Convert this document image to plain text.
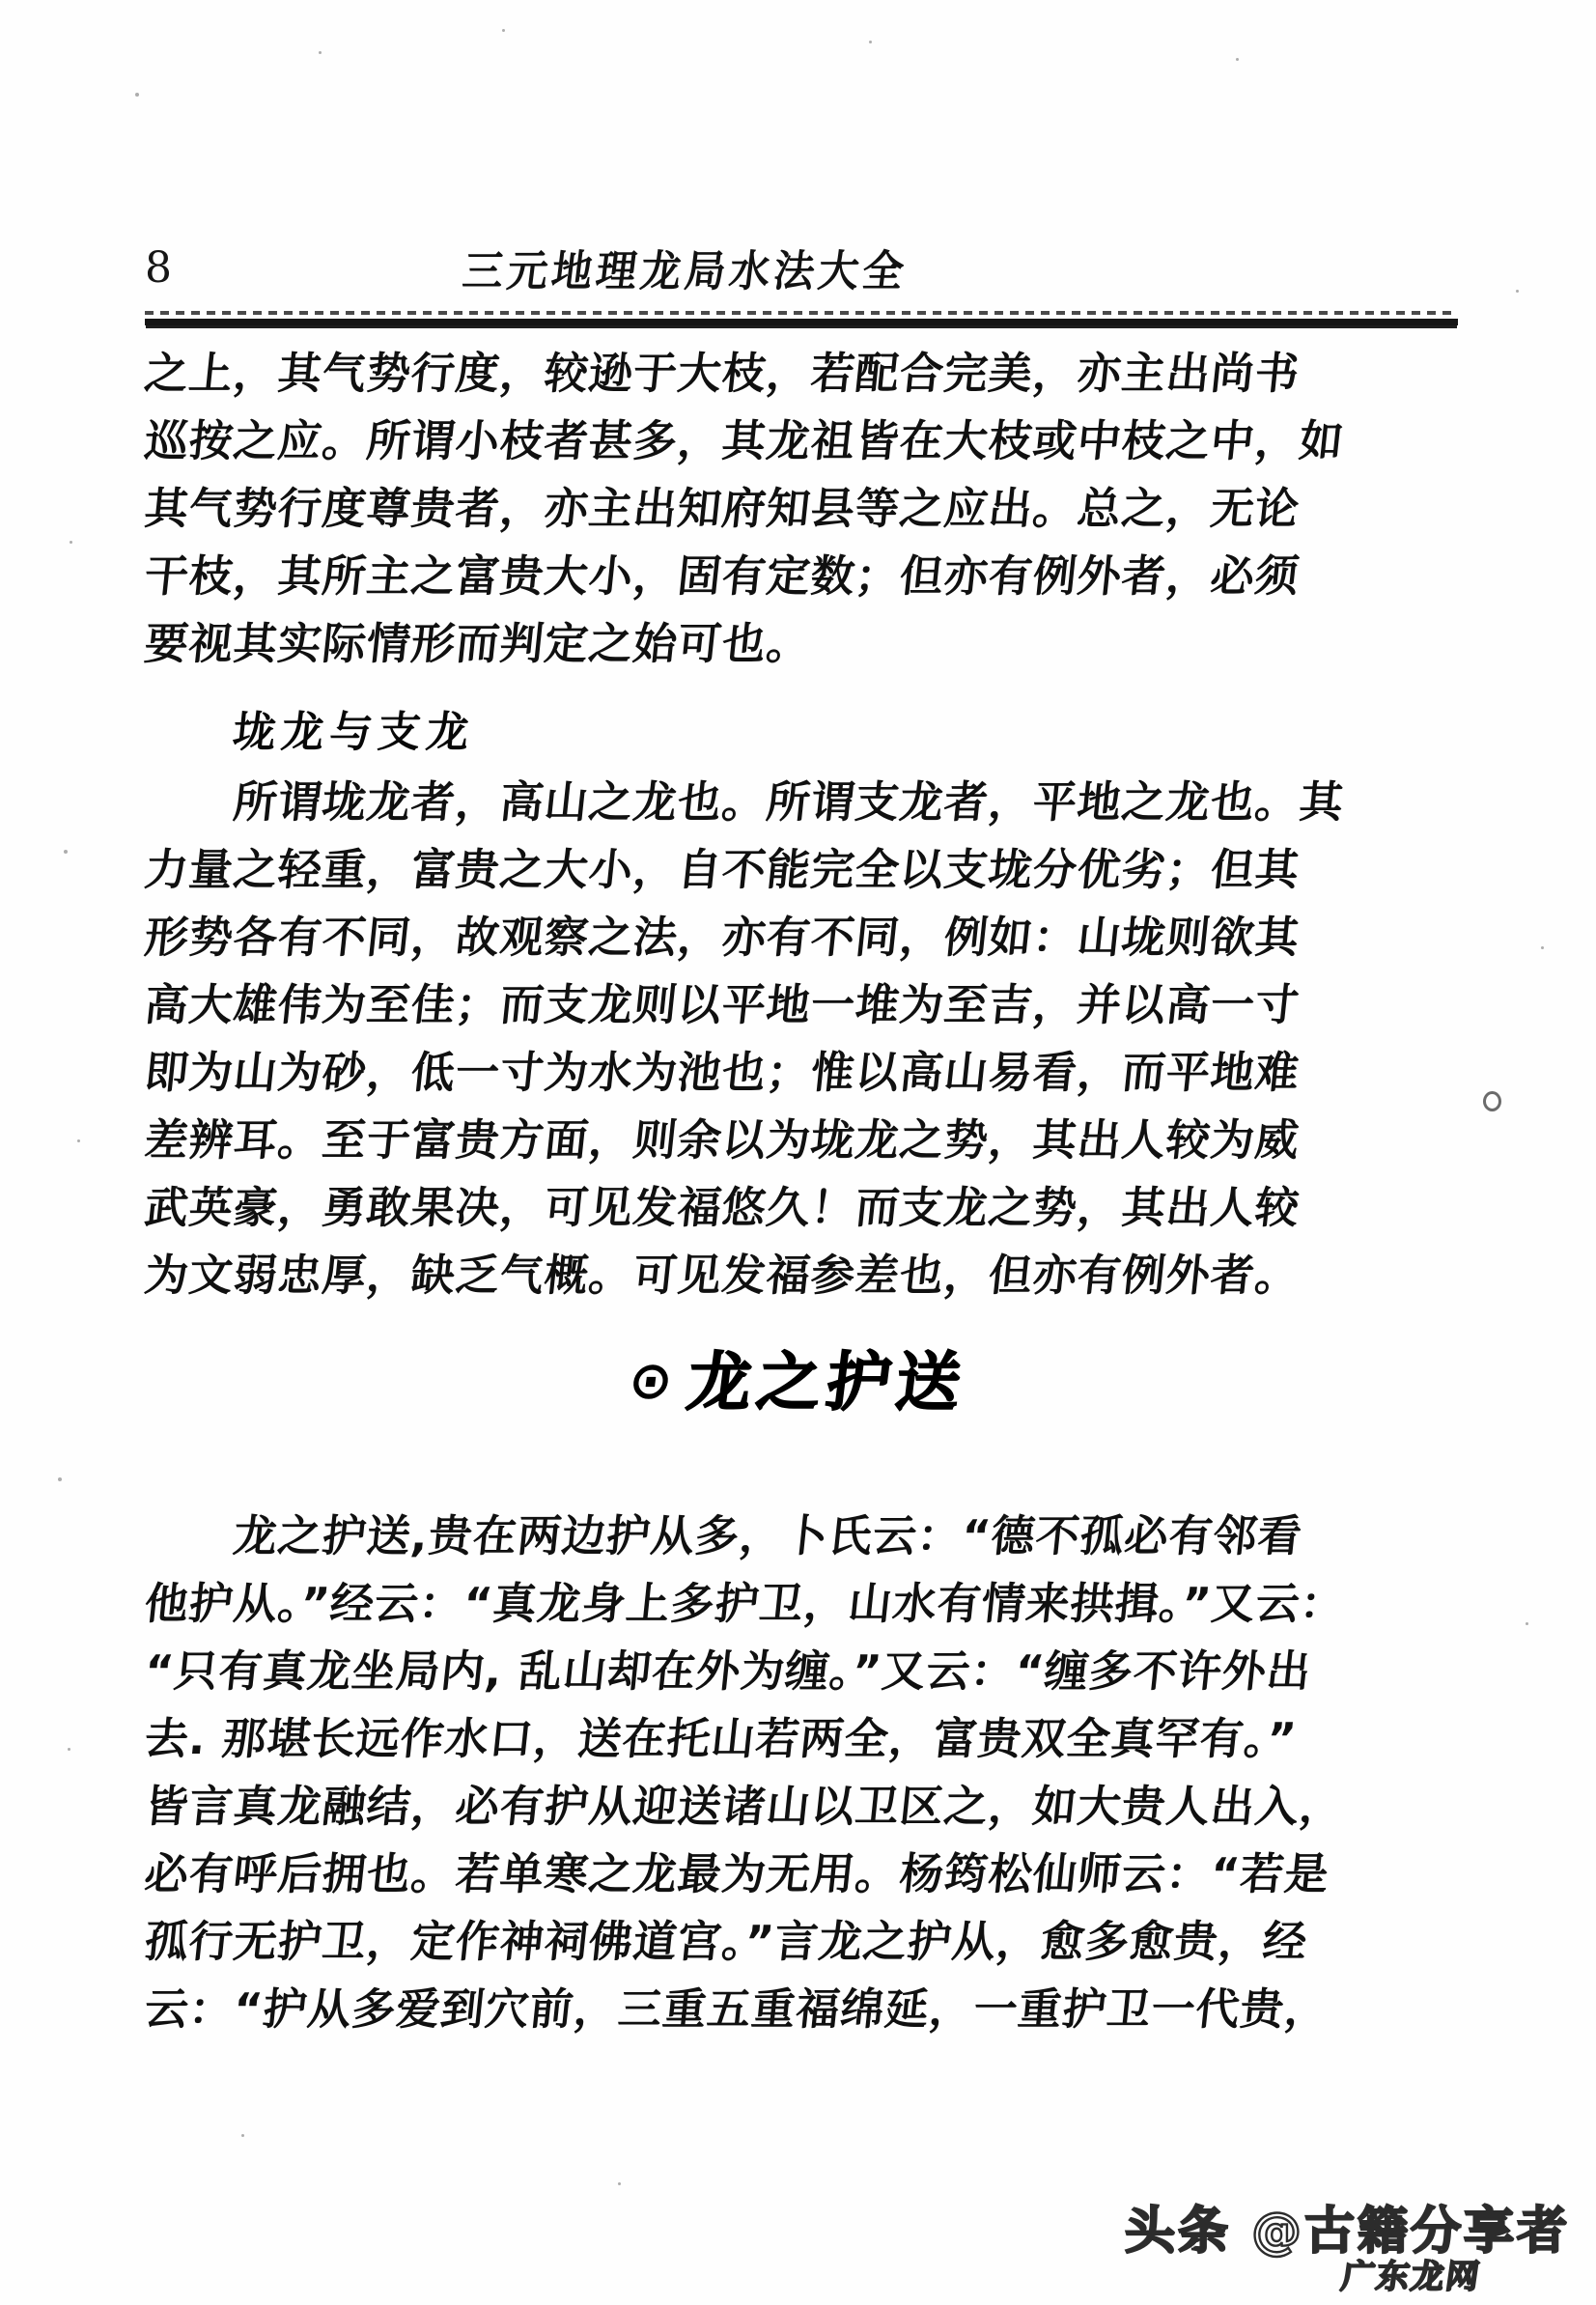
8	三元地理龙局水法大全
之上，其气势行度，较逊于大枝，若配合完美，亦主出尚书
巡按之应。所谓小枝者甚多，其龙祖皆在大枝或中枝之中，如
其气势行度尊贵者，亦主出知府知县等之应出。总之，无论
干枝，其所主之富贵大小，固有定数；但亦有例外者，必须
要视其实际情形而判定之始可也。
垅龙与支龙
所谓垅龙者，高山之龙也。所谓支龙者，平地之龙也。其
力量之轻重，富贵之大小，自不能完全以支垅分优劣；但其
形势各有不同，故观察之法，亦有不同，例如：山垅则欲其
高大雄伟为至佳；而支龙则以平地一堆为至吉，并以高一寸
即为山为砂，低一寸为水为池也；惟以高山易看，而平地难
差辨耳。至于富贵方面，则余以为垅龙之势，其出人较为威
武英豪，勇敢果决，可见发福悠久！而支龙之势，其出人较
为文弱忠厚，缺乏气概。可见发福参差也，但亦有例外者。
⊙龙之护送
龙之护送,贵在两边护从多，卜氏云：“德不孤必有邻看
他护从。”经云：“真龙身上多护卫，山水有情来拱揖。”又云：
“只有真龙坐局内, 乱山却在外为缠。”又云：“缠多不许外出
去. 那堪长远作水口，送在托山若两全，富贵双全真罕有。”
皆言真龙融结，必有护从迎送诸山以卫区之，如大贵人出入，
必有呼后拥也。若单寒之龙最为无用。杨筠松仙师云：“若是
孤行无护卫，定作神祠佛道宫。”言龙之护从，愈多愈贵，经
云：“护从多爱到穴前，三重五重福绵延，一重护卫一代贵，
头条 @古籍分享者
广东龙网
